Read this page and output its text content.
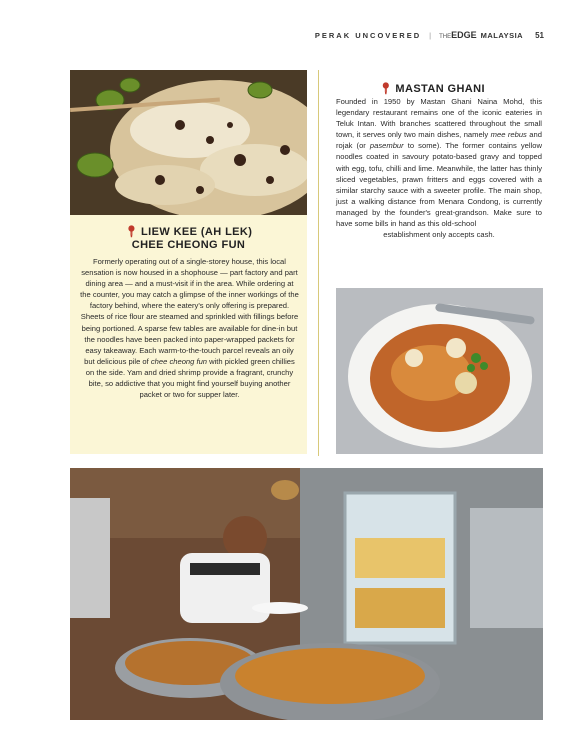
PERAK UNCOVERED | THE EDGE MALAYSIA 51
📍︎ LIEW KEE (AH LEK)
CHEE CHEONG FUN
Formerly operating out of a single-storey house, this local sensation is now housed in a shophouse — part factory and part dining area — and a must-visit if in the area. While ordering at the counter, you may catch a glimpse of the inner workings of the factory behind, where the eatery's only offering is prepared. Sheets of rice flour are steamed and sprinkled with fillings before being portioned. A sparse few tables are available for dine-in but the noodles have been packed into paper-wrapped packets for easy takeaway. Each warm-to-the-touch parcel reveals an oily but delicious pile of chee cheong fun with pickled green chillies on the side. Yam and dried shrimp provide a fragrant, crunchy bite, so addictive that you might find yourself buying another packet or two for supper later.
📍︎ MASTAN GHANI
Founded in 1950 by Mastan Ghani Naina Mohd, this legendary restaurant remains one of the iconic eateries in Teluk Intan. With branches scattered throughout the small town, it serves only two main dishes, namely mee rebus and rojak (or pasembur to some). The former contains yellow noodles coated in savoury potato-based gravy and topped with egg, tofu, chilli and lime. Meanwhile, the latter has thinly sliced vegetables, prawn fritters and eggs covered with a similar starchy sauce with a sweeter profile. The main shop, just a walking distance from Menara Condong, is currently managed by the founder's great-grandson. Make sure to have some bills in hand as this old-school
establishment only accepts cash.
